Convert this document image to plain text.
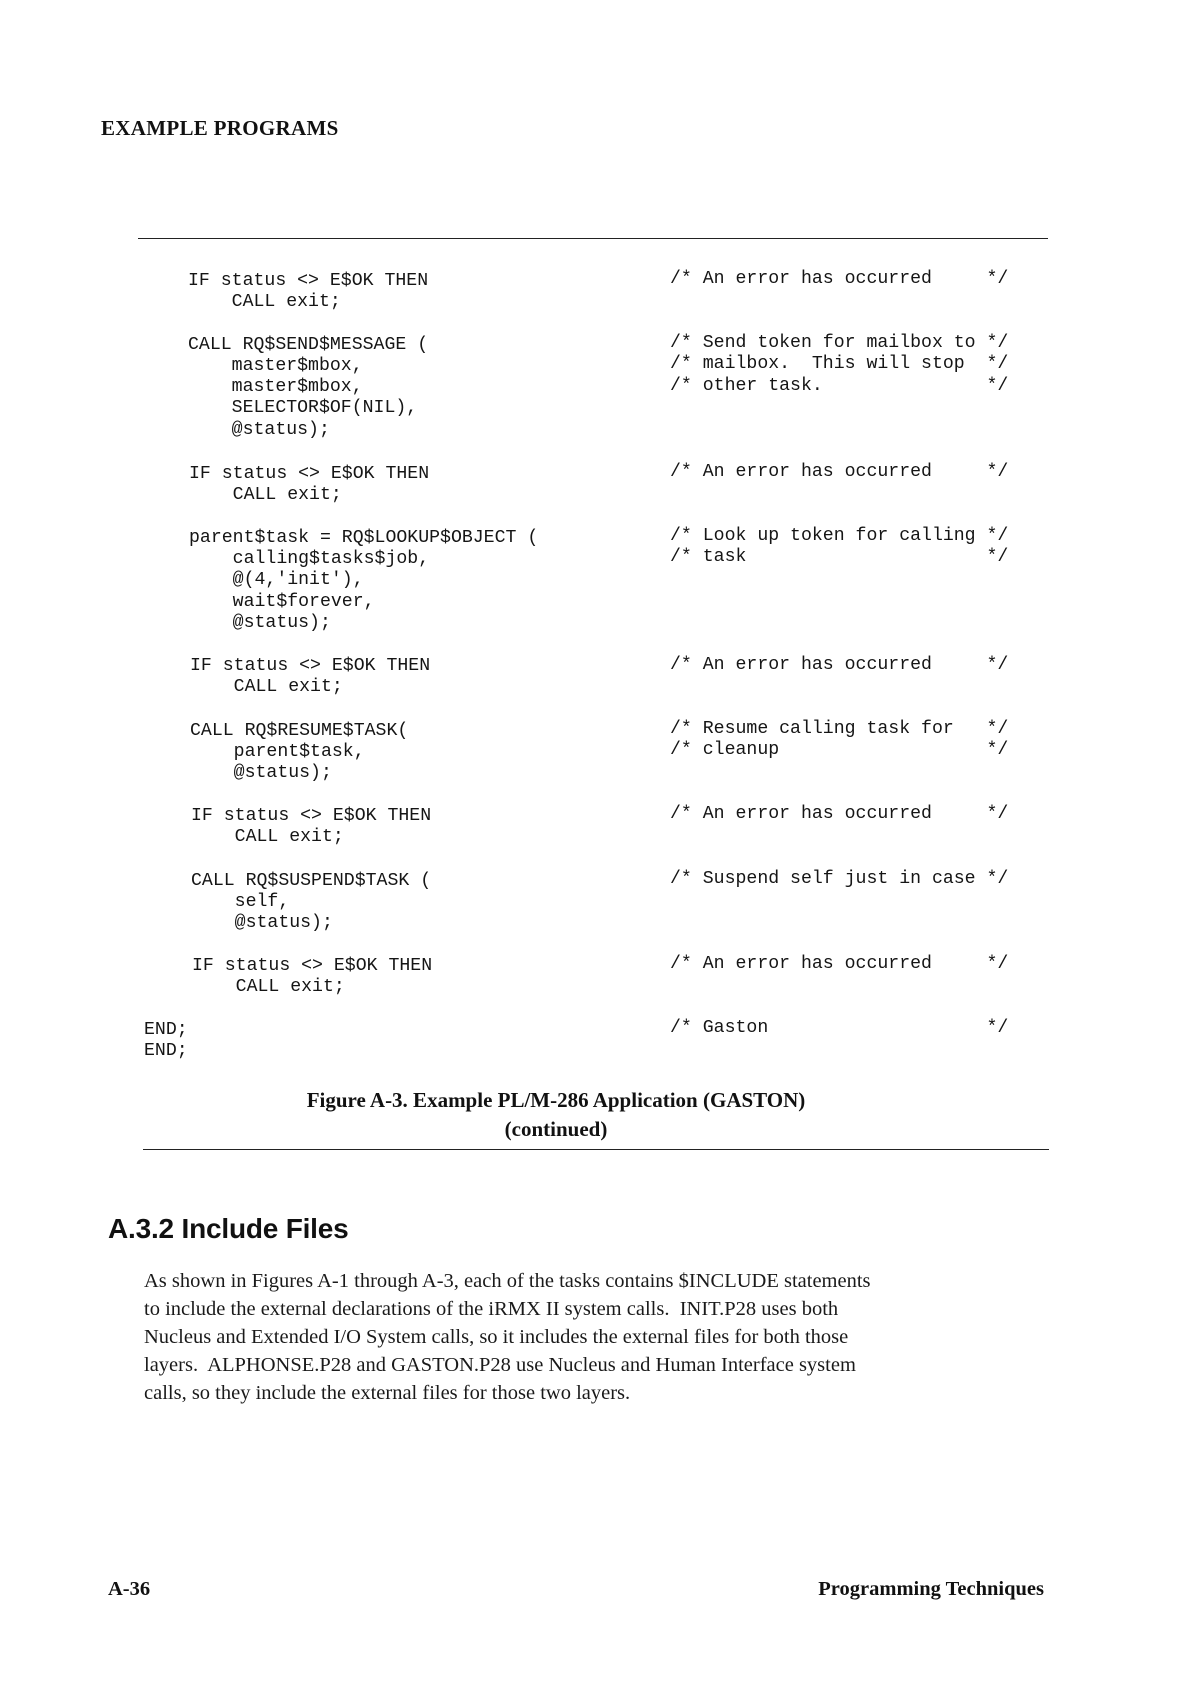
EXAMPLE PROGRAMS
IF status <> E$OK THEN
CALL exit;
CALL RQ$SEND$MESSAGE (
master$mbox,
master$mbox,
SELECTOR$OF(NIL),
@status);
IF status <> E$OK THEN
CALL exit;
parent$task = RQ$LOOKUP$OBJECT (
calling$tasks$job,
@(4,'init'),
wait$forever,
@status);
IF status <> E$OK THEN
CALL exit;
CALL RQ$RESUME$TASK(
parent$task,
@status);
IF status <> E$OK THEN
CALL exit;
CALL RQ$SUSPEND$TASK (
self,
@status);
IF status <> E$OK THEN
CALL exit;
END;
END;
/* An error has occurred     */
/* Send token for mailbox to */
/* mailbox.  This will stop  */
/* other task.               */
/* An error has occurred     */
/* Look up token for calling */
/* task                      */
/* An error has occurred     */
/* Resume calling task for   */
/* cleanup                   */
/* An error has occurred     */
/* Suspend self just in case */
/* An error has occurred     */
/* Gaston                    */
Figure A-3. Example PL/M-286 Application (GASTON)
(continued)
A.3.2 Include Files
As shown in Figures A-1 through A-3, each of the tasks contains $INCLUDE statements
to include the external declarations of the iRMX II system calls.  INIT.P28 uses both
Nucleus and Extended I/O System calls, so it includes the external files for both those
layers.  ALPHONSE.P28 and GASTON.P28 use Nucleus and Human Interface system
calls, so they include the external files for those two layers.
A-36	Programming Techniques
